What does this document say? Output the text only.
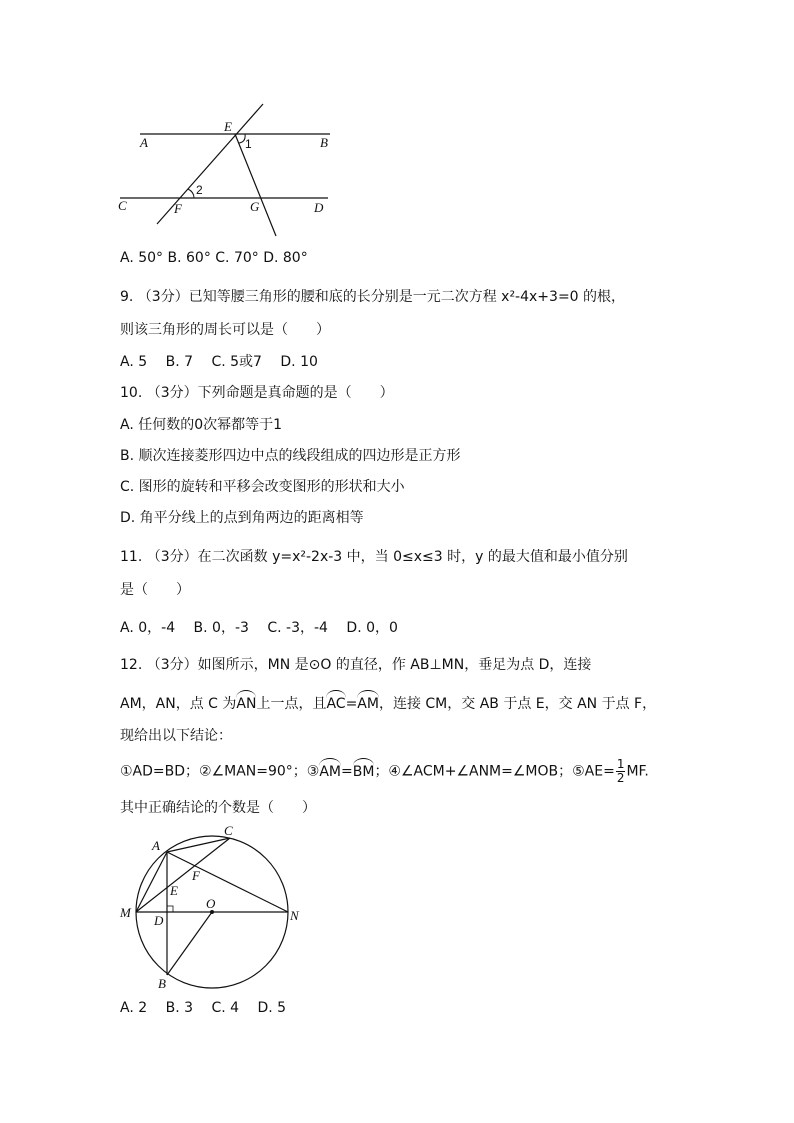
A	B
C	D
E
F	G
1
2
A. 50° B. 60° C. 70° D. 80°
9. （3分）已知等腰三角形的腰和底的长分别是一元二次方程 x²-4x+3=0 的根，
则该三角形的周长可以是（　　）
A. 5　 B. 7　 C. 5或7　 D. 10
10. （3分）下列命题是真命题的是（　　）
A. 任何数的0次幂都等于1
B. 顺次连接菱形四边中点的线段组成的四边形是正方形
C. 图形的旋转和平移会改变图形的形状和大小
D. 角平分线上的点到角两边的距离相等
11. （3分）在二次函数 y=x²-2x-3 中，当 0≤x≤3 时，y 的最大值和最小值分别
是（　　）
A. 0，-4　 B. 0，-3　 C. -3，-4　 D. 0，0
12. （3分）如图所示，MN 是⊙O 的直径，作 AB⊥MN，垂足为点 D，连接
AM，AN，点 C 为AN上一点，且AC=AM，连接 CM，交 AB 于点 E，交 AN 于点 F，
现给出以下结论：
①AD=BD；②∠MAN=90°；③AM=BM；④∠ACM+∠ANM=∠MOB；⑤AE= $\frac{1}{2}$ MF.
其中正确结论的个数是（　　）
A
B
C
D
E
F
M	N
O
A. 2　 B. 3　 C. 4　 D. 5
